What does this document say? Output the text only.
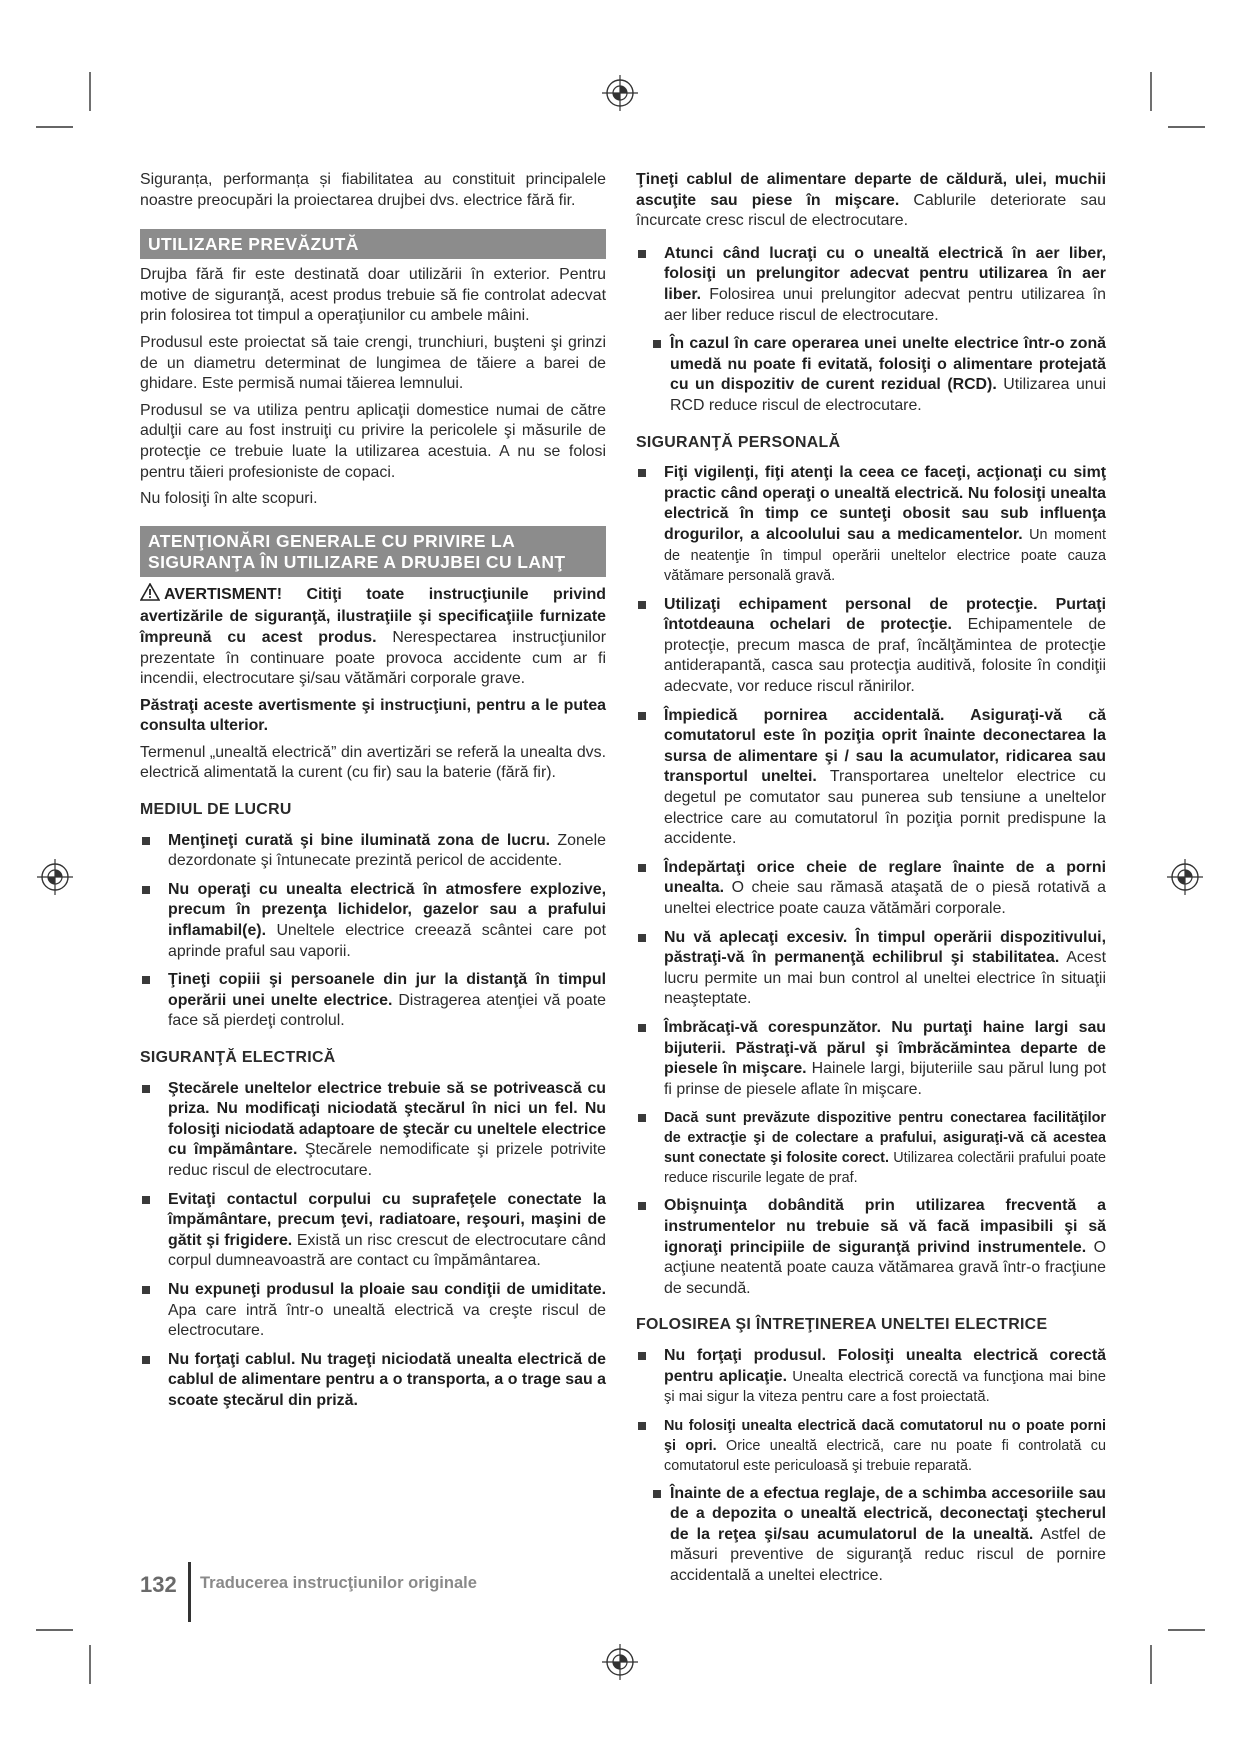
Siguranța, performanța și fiabilitatea au constituit principalele noastre preocupări la proiectarea drujbei dvs. electrice fără fir.

UTILIZARE PREVĂZUTĂ

Drujba fără fir este destinată doar utilizării în exterior. Pentru motive de siguranţă, acest produs trebuie să fie controlat adecvat prin folosirea tot timpul a operaţiunilor cu ambele mâini.

Produsul este proiectat să taie crengi, trunchiuri, buşteni şi grinzi de un diametru determinat de lungimea de tăiere a barei de ghidare. Este permisă numai tăierea lemnului.

Produsul se va utiliza pentru aplicaţii domestice numai de către adulţii care au fost instruiţi cu privire la pericolele şi măsurile de protecţie ce trebuie luate la utilizarea acestuia. A nu se folosi pentru tăieri profesioniste de copaci.

Nu folosiţi în alte scopuri.

ATENŢIONĂRI GENERALE CU PRIVIRE LA
SIGURANŢA ÎN UTILIZARE A DRUJBEI CU LANŢ

AVERTISMENT! Citiţi toate instrucţiunile privind avertizările de siguranţă, ilustraţiile şi specificaţiile furnizate împreună cu acest produs. Nerespectarea instrucţiunilor prezentate în continuare poate provoca accidente cum ar fi incendii, electrocutare şi/sau vătămări corporale grave.

Păstraţi aceste avertismente şi instrucţiuni, pentru a le putea consulta ulterior.

Termenul „unealtă electrică” din avertizări se referă la unealta dvs. electrică alimentată la curent (cu fir) sau la baterie (fără fir).

MEDIUL DE LUCRU
Menţineţi curată şi bine iluminată zona de lucru. Zonele dezordonate şi întunecate prezintă pericol de accidente.
Nu operaţi cu unealta electrică în atmosfere explozive, precum în prezenţa lichidelor, gazelor sau a prafului inflamabil(e). Uneltele electrice creează scântei care pot aprinde praful sau vaporii.
Ţineţi copiii şi persoanele din jur la distanţă în timpul operării unei unelte electrice. Distragerea atenţiei vă poate face să pierdeţi controlul.
SIGURANŢĂ ELECTRICĂ
Ştecărele uneltelor electrice trebuie să se potrivească cu priza. Nu modificaţi niciodată ştecărul în nici un fel. Nu folosiţi niciodată adaptoare de ştecăr cu uneltele electrice cu împământare. Ştecărele nemodificate şi prizele potrivite reduc riscul de electrocutare.
Evitaţi contactul corpului cu suprafeţele conectate la împământare, precum ţevi, radiatoare, reşouri, maşini de gătit şi frigidere. Există un risc crescut de electrocutare când corpul dumneavoastră are contact cu împământarea.
Nu expuneţi produsul la ploaie sau condiţii de umiditate. Apa care intră într-o unealtă electrică va creşte riscul de electrocutare.
Nu forţaţi cablul. Nu trageţi niciodată unealta electrică de cablul de alimentare pentru a o transporta, a o trage sau a scoate ştecărul din priză.

Ţineţi cablul de alimentare departe de căldură, ulei, muchii ascuţite sau piese în mişcare. Cablurile deteriorate sau încurcate cresc riscul de electrocutare.

Atunci când lucraţi cu o unealtă electrică în aer liber, folosiţi un prelungitor adecvat pentru utilizarea în aer liber. Folosirea unui prelungitor adecvat pentru utilizarea în aer liber reduce riscul de electrocutare.
În cazul în care operarea unei unelte electrice într-o zonă umedă nu poate fi evitată, folosiţi o alimentare protejată cu un dispozitiv de curent rezidual (RCD). Utilizarea unui RCD reduce riscul de electrocutare.
SIGURANŢĂ PERSONALĂ
Fiţi vigilenţi, fiţi atenţi la ceea ce faceţi, acţionaţi cu simţ practic când operaţi o unealtă electrică. Nu folosiţi unealta electrică în timp ce sunteţi obosit sau sub influenţa drogurilor, a alcoolului sau a medicamentelor. Un moment de neatenţie în timpul operării uneltelor electrice poate cauza vătămare personală gravă.
Utilizaţi echipament personal de protecţie. Purtaţi întotdeauna ochelari de protecţie. Echipamentele de protecţie, precum masca de praf, încălţămintea de protecţie antiderapantă, casca sau protecţia auditivă, folosite în condiţii adecvate, vor reduce riscul rănirilor.
Împiedică pornirea accidentală. Asiguraţi-vă că comutatorul este în poziţia oprit înainte deconectarea la sursa de alimentare şi / sau la acumulator, ridicarea sau transportul uneltei. Transportarea uneltelor electrice cu degetul pe comutator sau punerea sub tensiune a uneltelor electrice care au comutatorul în poziţia pornit predispune la accidente.
Îndepărtaţi orice cheie de reglare înainte de a porni unealta. O cheie sau rămasă ataşată de o piesă rotativă a uneltei electrice poate cauza vătămări corporale.
Nu vă aplecaţi excesiv. În timpul operării dispozitivului, păstraţi-vă în permanenţă echilibrul şi stabilitatea. Acest lucru permite un mai bun control al uneltei electrice în situaţii neaşteptate.
Îmbrăcaţi-vă corespunzător. Nu purtaţi haine largi sau bijuterii. Păstraţi-vă părul şi îmbrăcămintea departe de piesele în mişcare. Hainele largi, bijuteriile sau părul lung pot fi prinse de piesele aflate în mişcare.
Dacă sunt prevăzute dispozitive pentru conectarea facilităţilor de extracţie şi de colectare a prafului, asiguraţi-vă că acestea sunt conectate şi folosite corect. Utilizarea colectării prafului poate reduce riscurile legate de praf.
Obişnuinţa dobândită prin utilizarea frecventă a instrumentelor nu trebuie să vă facă impasibili şi să ignoraţi principiile de siguranţă privind instrumentele. O acţiune neatentă poate cauza vătămarea gravă într-o fracţiune de secundă.
FOLOSIREA ŞI ÎNTREŢINEREA UNELTEI ELECTRICE
Nu forţaţi produsul. Folosiţi unealta electrică corectă pentru aplicaţie. Unealta electrică corectă va funcţiona mai bine şi mai sigur la viteza pentru care a fost proiectată.
Nu folosiţi unealta electrică dacă comutatorul nu o poate porni şi opri. Orice unealtă electrică, care nu poate fi controlată cu comutatorul este periculoasă şi trebuie reparată.
Înainte de a efectua reglaje, de a schimba accesoriile sau de a depozita o unealtă electrică, deconectaţi ştecherul de la reţea şi/sau acumulatorul de la unealtă. Astfel de măsuri preventive de siguranţă reduc riscul de pornire accidentală a uneltei electrice.
132 Traducerea instrucţiunilor originale
